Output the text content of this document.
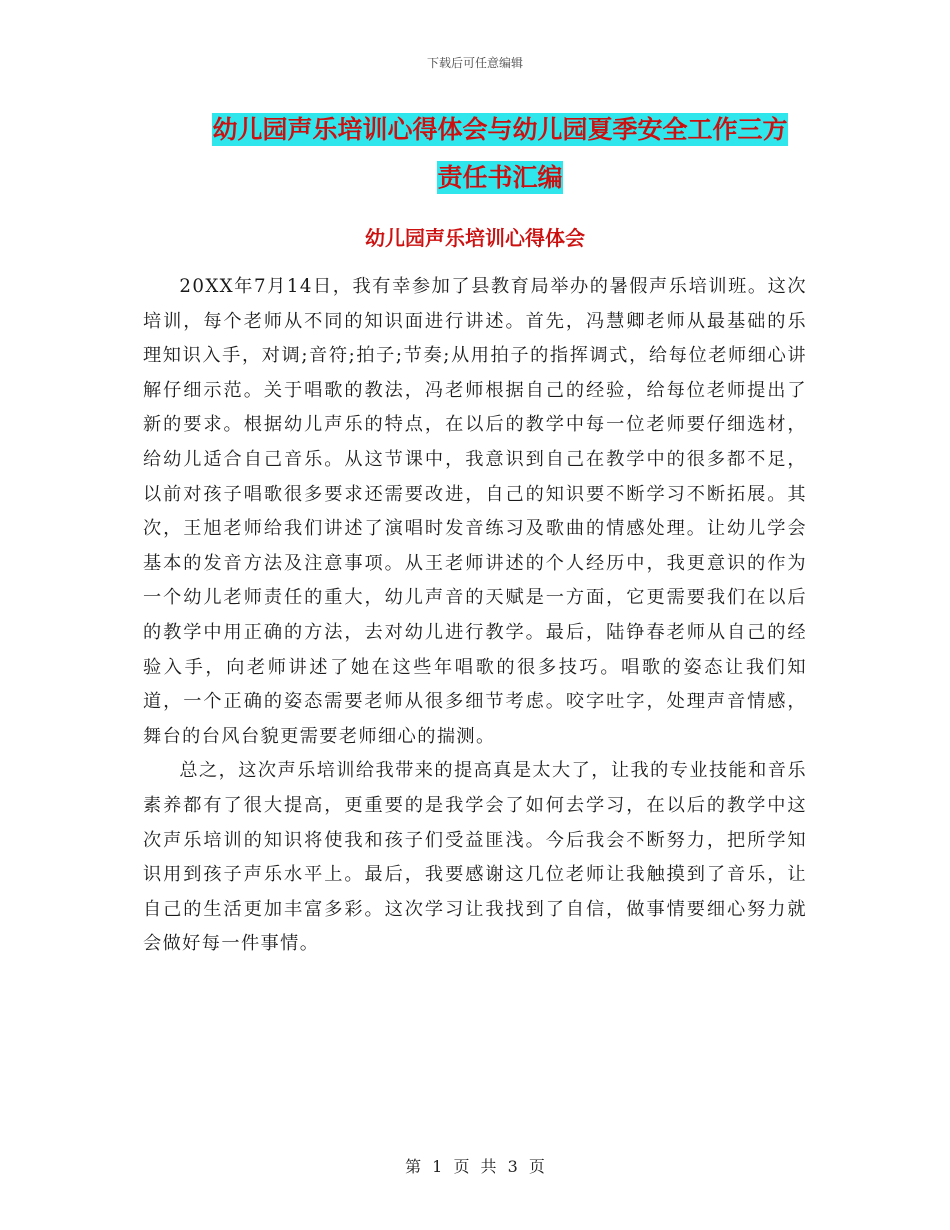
下载后可任意编辑
幼儿园声乐培训心得体会与幼儿园夏季安全工作三方
责任书汇编
幼儿园声乐培训心得体会

20XX年7月14日，我有幸参加了县教育局举办的暑假声乐培训班。这次培训，每个老师从不同的知识面进行讲述。首先，冯慧卿老师从最基础的乐理知识入手，对调;音符;拍子;节奏;从用拍子的指挥调式，给每位老师细心讲解仔细示范。关于唱歌的教法，冯老师根据自己的经验，给每位老师提出了新的要求。根据幼儿声乐的特点，在以后的教学中每一位老师要仔细选材，给幼儿适合自己音乐。从这节课中，我意识到自己在教学中的很多都不足，以前对孩子唱歌很多要求还需要改进，自己的知识要不断学习不断拓展。其次，王旭老师给我们讲述了演唱时发音练习及歌曲的情感处理。让幼儿学会基本的发音方法及注意事项。从王老师讲述的个人经历中，我更意识的作为一个幼儿老师责任的重大，幼儿声音的天赋是一方面，它更需要我们在以后的教学中用正确的方法，去对幼儿进行教学。最后，陆铮春老师从自己的经验入手，向老师讲述了她在这些年唱歌的很多技巧。唱歌的姿态让我们知道，一个正确的姿态需要老师从很多细节考虑。咬字吐字，处理声音情感，舞台的台风台貌更需要老师细心的揣测。

总之，这次声乐培训给我带来的提高真是太大了，让我的专业技能和音乐素养都有了很大提高，更重要的是我学会了如何去学习，在以后的教学中这次声乐培训的知识将使我和孩子们受益匪浅。今后我会不断努力，把所学知识用到孩子声乐水平上。最后，我要感谢这几位老师让我触摸到了音乐，让自己的生活更加丰富多彩。这次学习让我找到了自信，做事情要细心努力就会做好每一件事情。

第 1 页 共 3 页
